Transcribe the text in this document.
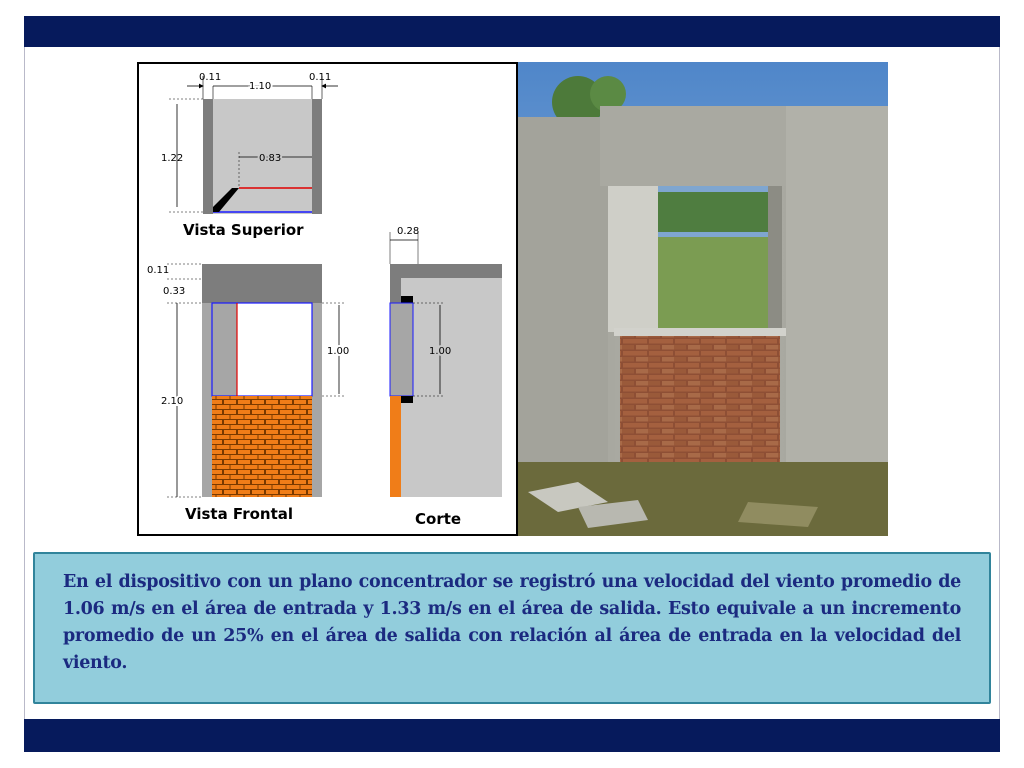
0.11
1.10
0.11
1.22	0.83
Vista Superior
0.11
0.33
2.10
1.00
Vista Frontal
0.28
1.00
Corte

En el dispositivo con un plano concentrador se registró una velocidad del viento promedio de 1.06 m/s en el área de entrada y 1.33 m/s en el área de salida. Esto equivale a un incremento promedio de un 25% en el área de salida con relación al área de entrada en la velocidad del viento.
